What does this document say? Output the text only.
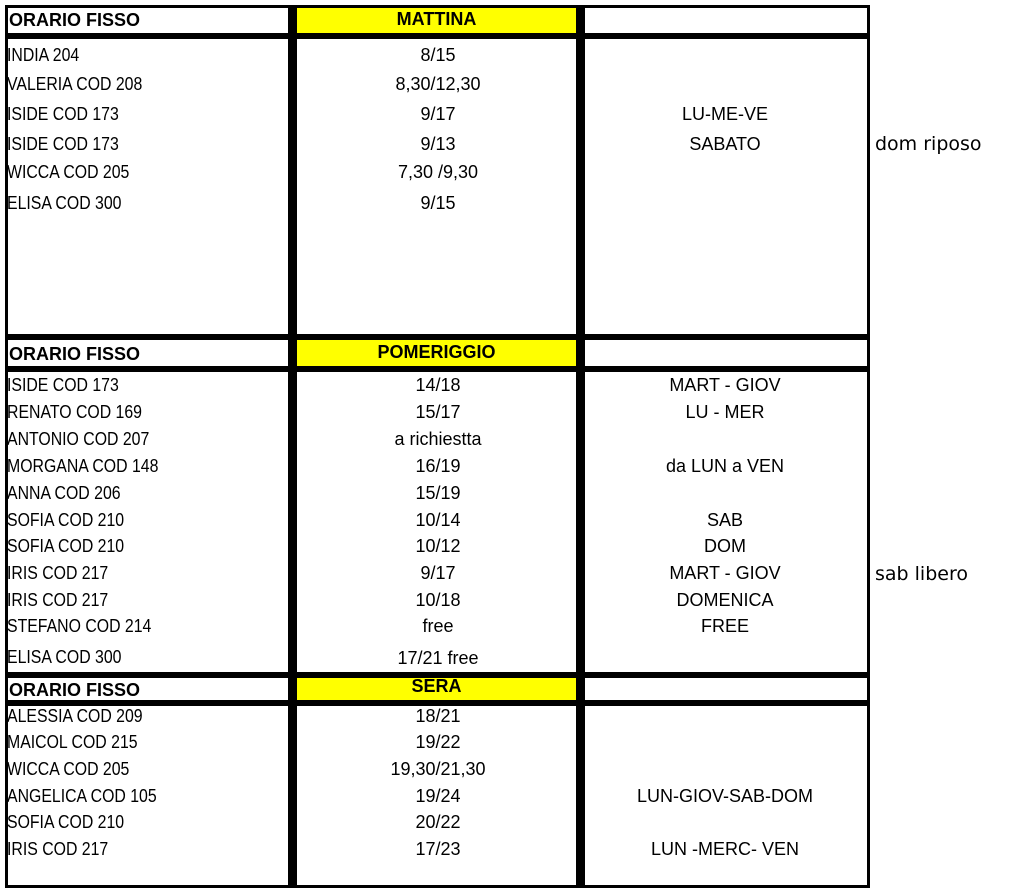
ORARIO FISSO	MATTINA
INDIA 204	8/15
VALERIA COD 208	8,30/12,30
ISIDE COD 173	9/17	LU-ME-VE
ISIDE COD 173	9/13	SABATO
WICCA COD 205	7,30 /9,30
ELISA COD 300	9/15
ORARIO FISSO	POMERIGGIO
ISIDE COD 173	14/18	MART - GIOV
RENATO COD 169	15/17	LU - MER
ANTONIO COD 207	a richiestta
MORGANA COD 148	16/19	da LUN a VEN
ANNA COD 206	15/19
SOFIA COD 210	10/14	SAB
SOFIA COD 210	10/12	DOM
IRIS COD 217	9/17	MART - GIOV
IRIS COD 217	10/18	DOMENICA
STEFANO COD 214	free	FREE
ELISA COD 300	17/21 free
ORARIO FISSO	SERA
ALESSIA COD 209	18/21
MAICOL COD 215	19/22
WICCA COD 205	19,30/21,30
ANGELICA COD 105	19/24	LUN-GIOV-SAB-DOM
SOFIA COD 210	20/22
IRIS COD 217	17/23	LUN -MERC- VEN
dom riposo
sab libero
